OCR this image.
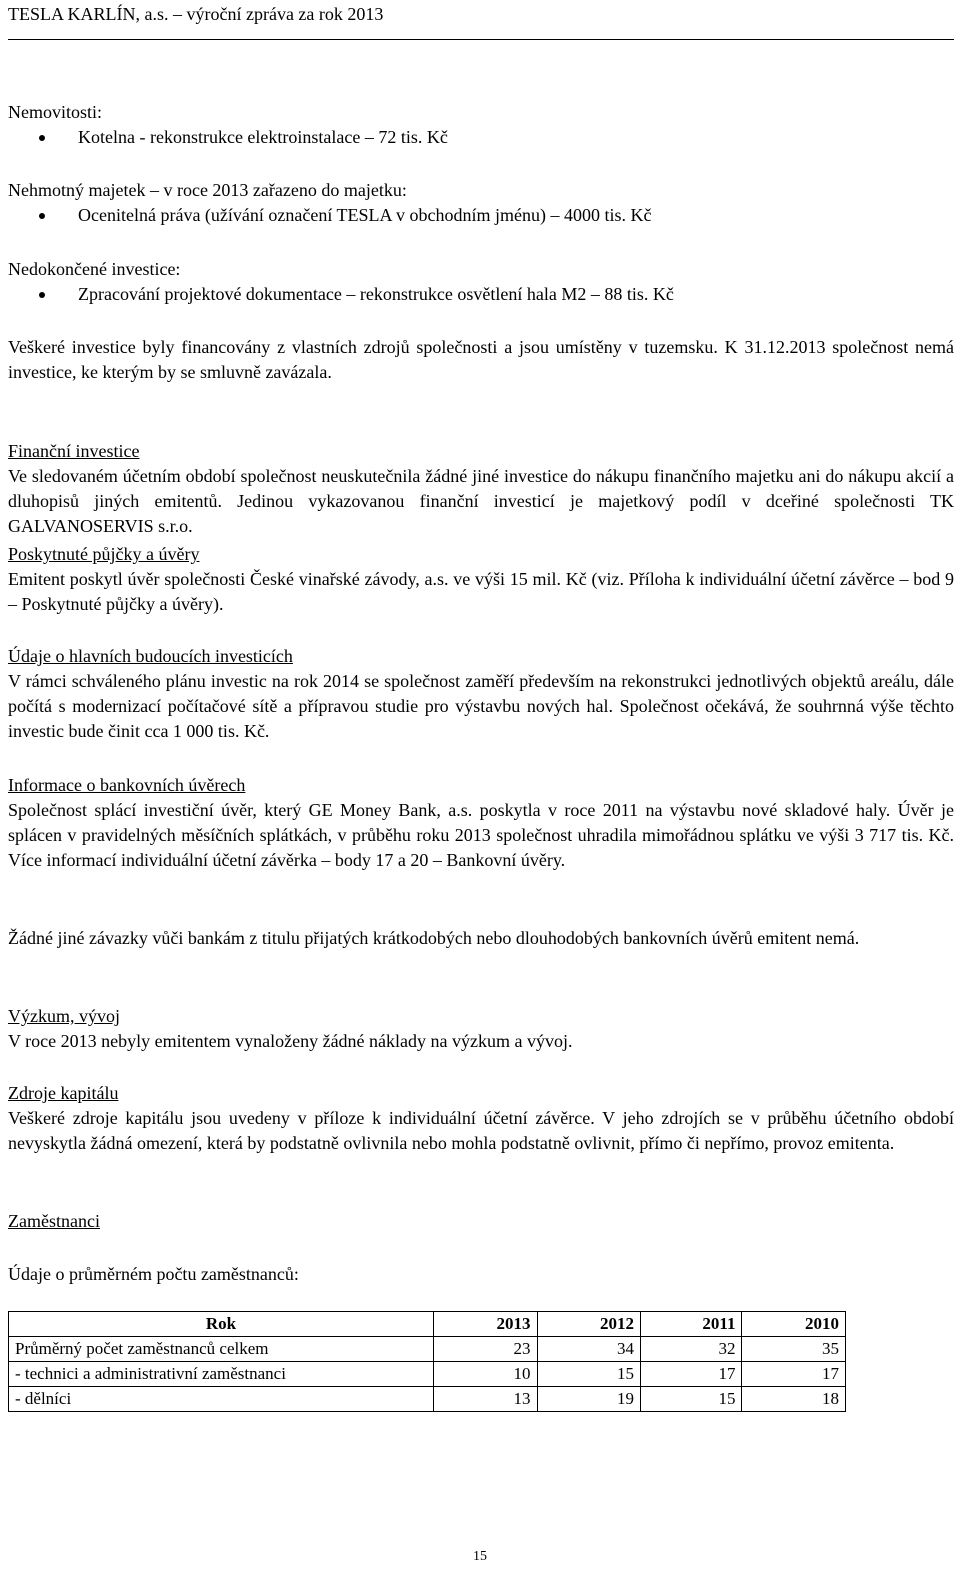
TESLA KARLÍN, a.s. – výroční zpráva za rok 2013

Nemovitosti:

Kotelna - rekonstrukce elektroinstalace – 72 tis. Kč

Nehmotný majetek – v roce 2013 zařazeno do majetku:

Ocenitelná práva (užívání označení TESLA v obchodním jménu) – 4000 tis. Kč

Nedokončené investice:

Zpracování projektové dokumentace – rekonstrukce osvětlení hala M2 – 88 tis. Kč

Veškeré investice byly financovány z vlastních zdrojů společnosti a jsou umístěny v tuzemsku. K 31.12.2013 společnost nemá investice, ke kterým by se smluvně zavázala.

Finanční investice

Ve sledovaném účetním období společnost neuskutečnila žádné jiné investice do nákupu finančního majetku ani do nákupu akcií a dluhopisů jiných emitentů. Jedinou vykazovanou finanční investicí je majetkový podíl v dceřiné společnosti TK GALVANOSERVIS s.r.o.

Poskytnuté půjčky a úvěry

Emitent poskytl úvěr společnosti České vinařské závody, a.s. ve výši 15 mil. Kč (viz. Příloha k individuální účetní závěrce – bod 9 – Poskytnuté půjčky a úvěry).

Údaje o hlavních budoucích investicích

V rámci schváleného plánu investic na rok 2014 se společnost zaměří především na rekonstrukci jednotlivých objektů areálu, dále počítá s modernizací počítačové sítě a přípravou studie pro výstavbu nových hal. Společnost očekává, že souhrnná výše těchto investic bude činit cca 1 000 tis. Kč.

Informace o bankovních úvěrech

Společnost splácí investiční úvěr, který GE Money Bank, a.s. poskytla v roce 2011 na výstavbu nové skladové haly. Úvěr je splácen v pravidelných měsíčních splátkách, v průběhu roku 2013 společnost uhradila mimořádnou splátku ve výši 3 717 tis. Kč. Více informací individuální účetní závěrka – body 17 a 20 – Bankovní úvěry.

Žádné jiné závazky vůči bankám z titulu přijatých krátkodobých nebo dlouhodobých bankovních úvěrů emitent nemá.

Výzkum, vývoj

V roce 2013 nebyly emitentem vynaloženy žádné náklady na výzkum a vývoj.

Zdroje kapitálu

Veškeré zdroje kapitálu jsou uvedeny v příloze k individuální účetní závěrce. V jeho zdrojích se v průběhu účetního období nevyskytla žádná omezení, která by podstatně ovlivnila nebo mohla podstatně ovlivnit, přímo či nepřímo, provoz emitenta.

Zaměstnanci

Údaje o průměrném počtu zaměstnanců:

Rok	2013	2012	2011	2010
Průměrný počet zaměstnanců celkem	23	34	32	35
- technici a administrativní zaměstnanci	10	15	17	17
- dělníci	13	19	15	18
15
